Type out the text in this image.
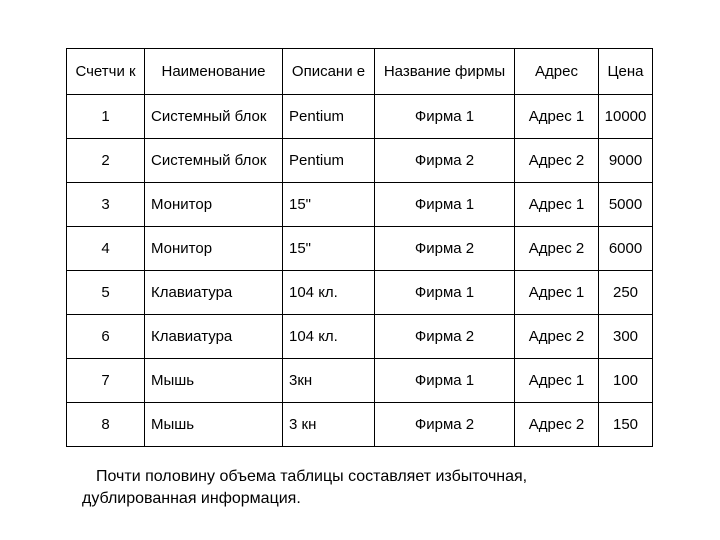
Счетчи к	Наименование	Описани е	Название фирмы	Адрес	Цена
1	Системный блок	Pentium	Фирма 1	Адрес 1	10000
2	Системный блок	Pentium	Фирма 2	Адрес 2	9000
3	Монитор	15"	Фирма 1	Адрес 1	5000
4	Монитор	15"	Фирма 2	Адрес 2	6000
5	Клавиатура	104 кл.	Фирма 1	Адрес 1	250
6	Клавиатура	104 кл.	Фирма 2	Адрес 2	300
7	Мышь	3кн	Фирма 1	Адрес 1	100
8	Мышь	3 кн	Фирма 2	Адрес 2	150

Почти половину объема таблицы составляет избыточная, дублированная информация.
